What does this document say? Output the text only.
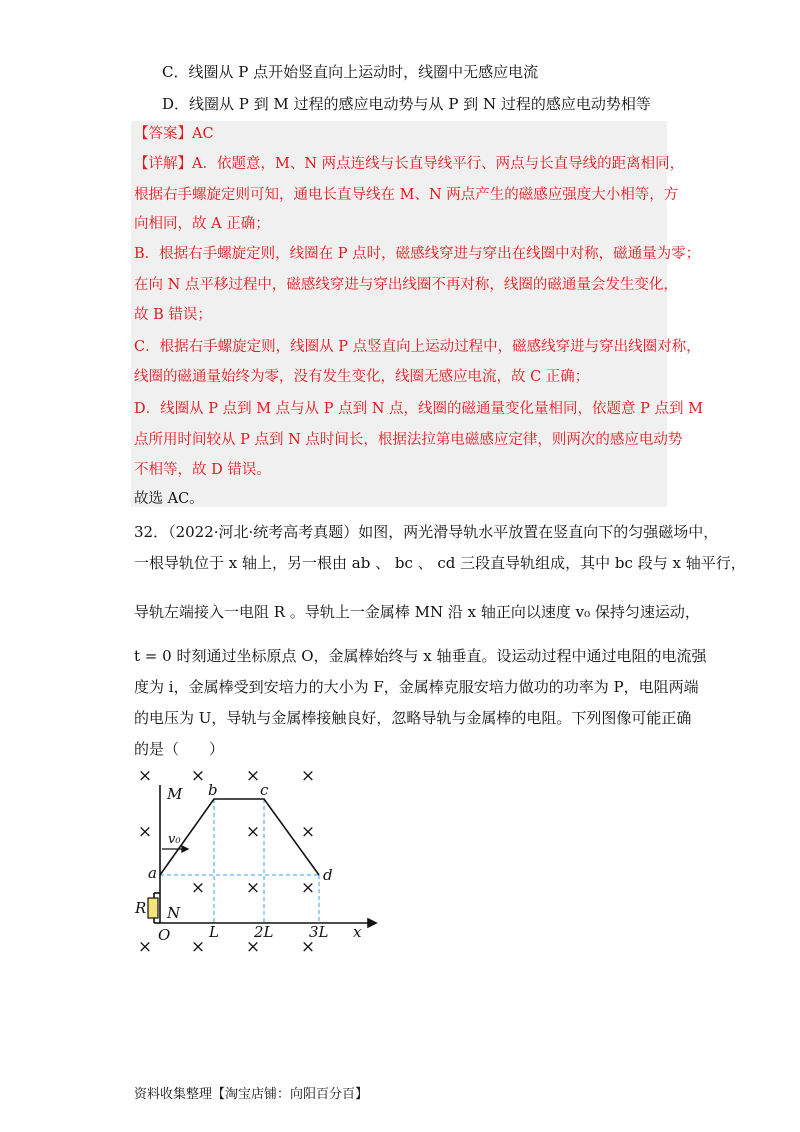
C．线圈从 P 点开始竖直向上运动时，线圈中无感应电流
D．线圈从 P 到 M 过程的感应电动势与从 P 到 N 过程的感应电动势相等
【答案】AC
【详解】A．依题意，M、N 两点连线与长直导线平行、两点与长直导线的距离相同，
根据右手螺旋定则可知，通电长直导线在 M、N 两点产生的磁感应强度大小相等，方
向相同，故 A 正确；
B．根据右手螺旋定则，线圈在 P 点时，磁感线穿进与穿出在线圈中对称，磁通量为零；
在向 N 点平移过程中，磁感线穿进与穿出线圈不再对称，线圈的磁通量会发生变化，
故 B 错误；
C．根据右手螺旋定则，线圈从 P 点竖直向上运动过程中，磁感线穿进与穿出线圈对称，
线圈的磁通量始终为零，没有发生变化，线圈无感应电流，故 C 正确；
D．线圈从 P 点到 M 点与从 P 点到 N 点，线圈的磁通量变化量相同，依题意 P 点到 M
点所用时间较从 P 点到 N 点时间长，根据法拉第电磁感应定律，则两次的感应电动势
不相等，故 D 错误。
故选 AC。
32．（2022·河北·统考高考真题）如图，两光滑导轨水平放置在竖直向下的匀强磁场中，
一根导轨位于 x 轴上，另一根由 ab 、 bc 、 cd 三段直导轨组成，其中 bc 段与 x 轴平行，
导轨左端接入一电阻 R 。导轨上一金属棒 MN 沿 x 轴正向以速度 v₀ 保持匀速运动，
t = 0 时刻通过坐标原点 O，金属棒始终与 x 轴垂直。设运动过程中通过电阻的电流强
度为 i，金属棒受到安培力的大小为 F，金属棒克服安培力做功的功率为 P，电阻两端
的电压为 U，导轨与金属棒接触良好，忽略导轨与金属棒的电阻。下列图像可能正确
的是（　　）
× × × ×
×	× ×
× × ×
× × × ×
M b	c
d
a
v₀
R N
O	L 2L 3L x
资料收集整理【淘宝店铺：向阳百分百】
